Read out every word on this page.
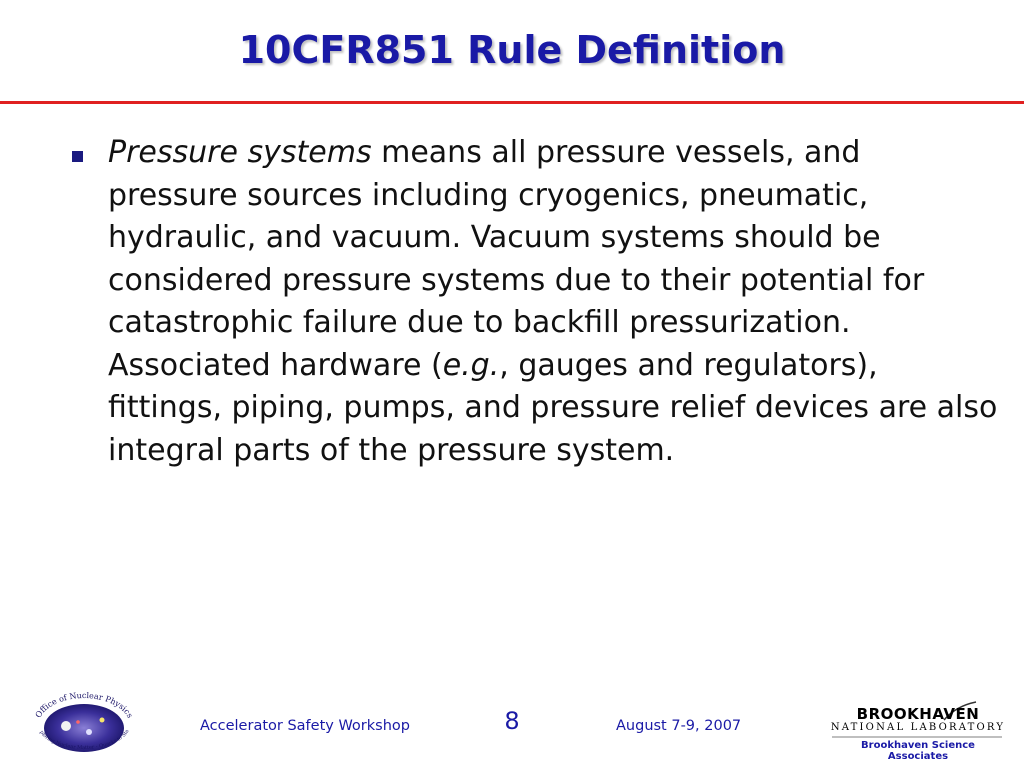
10CFR851 Rule Definition
Pressure systems means all pressure vessels, and pressure sources including cryogenics, pneumatic, hydraulic, and vacuum. Vacuum systems should be considered pressure systems due to their potential for catastrophic failure due to backfill pressurization. Associated hardware (e.g., gauges and regulators), fittings, piping, pumps, and pressure relief devices are also integral parts of the pressure system.
Office of Nuclear Physics
ploring Nuclear Matter - Quarks to Sta	Accelerator Safety Workshop	8	August 7-9, 2007
BROOKHAVEN
NATIONAL LABORATORY
Brookhaven Science Associates
